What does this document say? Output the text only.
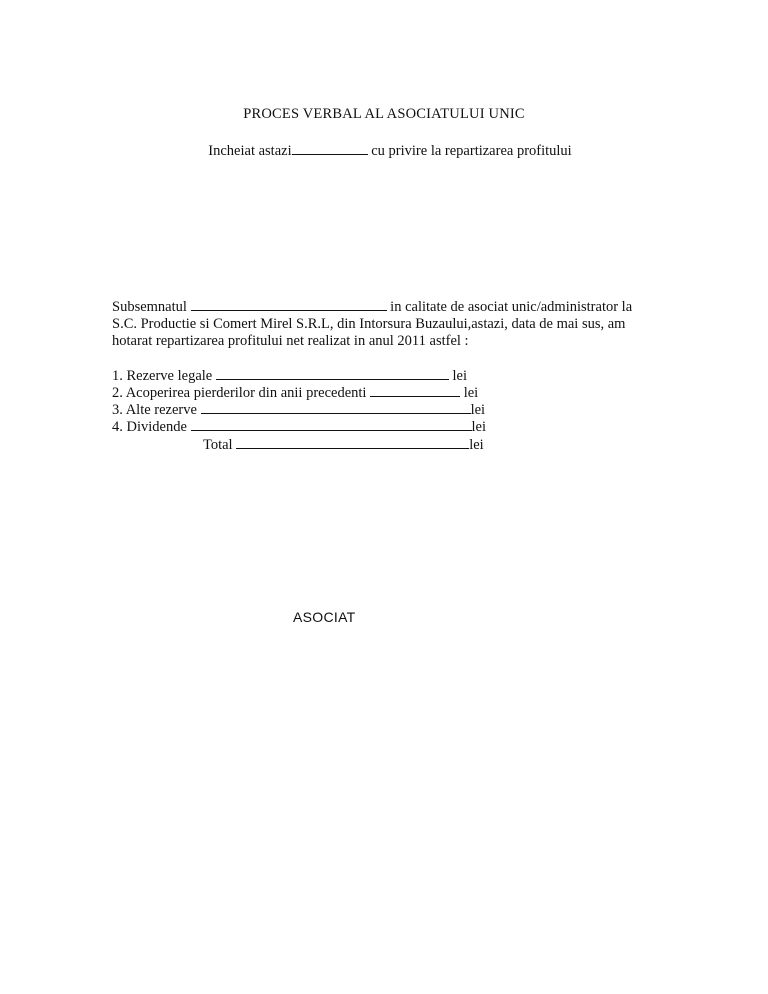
PROCES VERBAL AL ASOCIATULUI UNIC
Incheiat astazi	cu privire la repartizarea profitului
Subsemnatul	in calitate de asociat unic/administrator la
S.C. Productie si Comert Mirel S.R.L, din Intorsura Buzaului,astazi, data de mai sus, am
hotarat repartizarea profitului net realizat in anul 2011 astfel :
1. Rezerve legale	lei
2. Acoperirea pierderilor din anii precedenti	lei
3. Alte rezerve	lei
4. Dividende	lei
Total	lei
ASOCIAT
